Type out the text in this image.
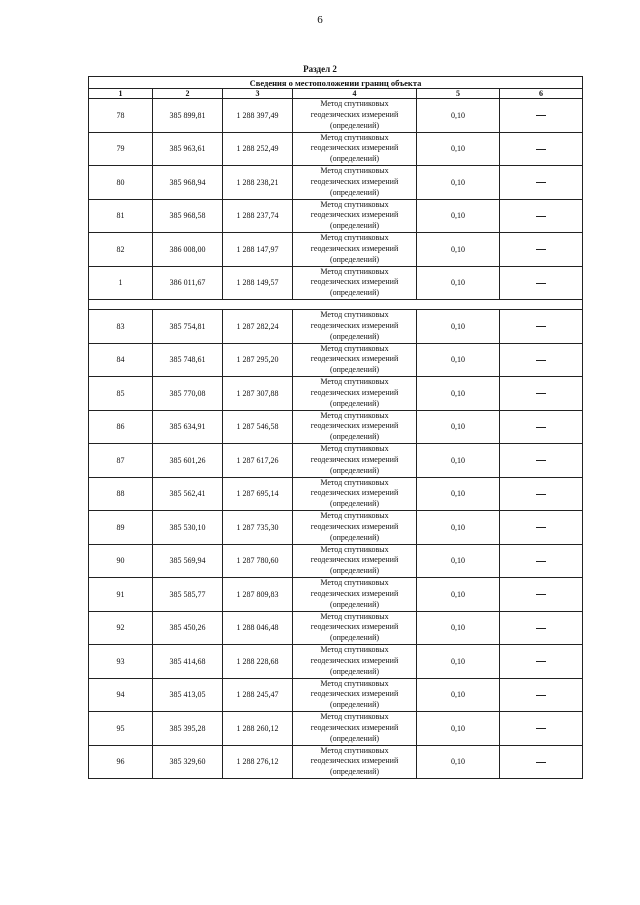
6
Раздел 2
Сведения о местоположении границ объекта					
1	2	3	4	5	6
78	385 899,81	1 288 397,49	Метод спутниковых
геодезических измерений
(определений)	0,10	
79	385 963,61	1 288 252,49	Метод спутниковых
геодезических измерений
(определений)	0,10	
80	385 968,94	1 288 238,21	Метод спутниковых
геодезических измерений
(определений)	0,10	
81	385 968,58	1 288 237,74	Метод спутниковых
геодезических измерений
(определений)	0,10	
82	386 008,00	1 288 147,97	Метод спутниковых
геодезических измерений
(определений)	0,10	
1	386 011,67	1 288 149,57	Метод спутниковых
геодезических измерений
(определений)	0,10	

83	385 754,81	1 287 282,24	Метод спутниковых
геодезических измерений
(определений)	0,10	
84	385 748,61	1 287 295,20	Метод спутниковых
геодезических измерений
(определений)	0,10	
85	385 770,08	1 287 307,88	Метод спутниковых
геодезических измерений
(определений)	0,10	
86	385 634,91	1 287 546,58	Метод спутниковых
геодезических измерений
(определений)	0,10	
87	385 601,26	1 287 617,26	Метод спутниковых
геодезических измерений
(определений)	0,10	
88	385 562,41	1 287 695,14	Метод спутниковых
геодезических измерений
(определений)	0,10	
89	385 530,10	1 287 735,30	Метод спутниковых
геодезических измерений
(определений)	0,10	
90	385 569,94	1 287 780,60	Метод спутниковых
геодезических измерений
(определений)	0,10	
91	385 585,77	1 287 809,83	Метод спутниковых
геодезических измерений
(определений)	0,10	
92	385 450,26	1 288 046,48	Метод спутниковых
геодезических измерений
(определений)	0,10	
93	385 414,68	1 288 228,68	Метод спутниковых
геодезических измерений
(определений)	0,10	
94	385 413,05	1 288 245,47	Метод спутниковых
геодезических измерений
(определений)	0,10	
95	385 395,28	1 288 260,12	Метод спутниковых
геодезических измерений
(определений)	0,10	
96	385 329,60	1 288 276,12	Метод спутниковых
геодезических измерений
(определений)	0,10	
